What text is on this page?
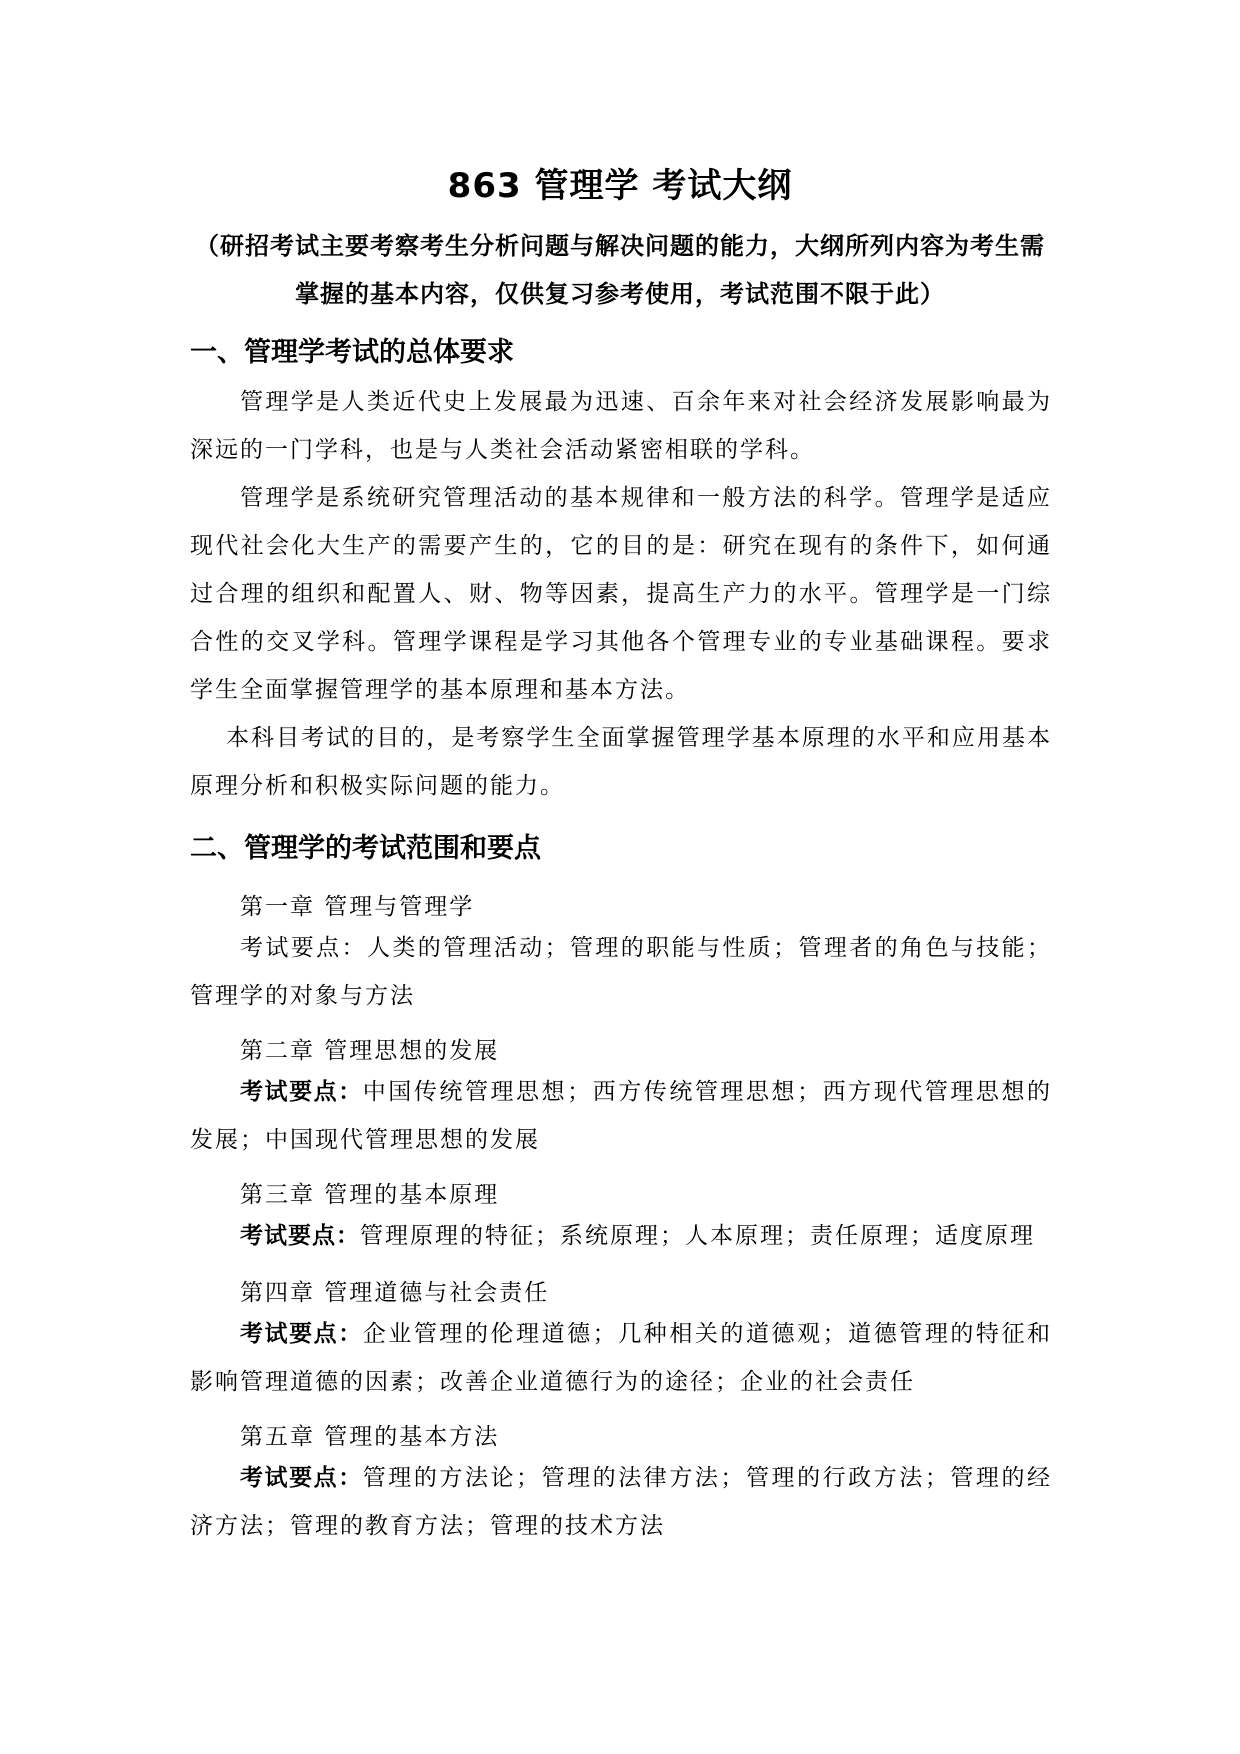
863 管理学 考试大纲
（研招考试主要考察考生分析问题与解决问题的能力，大纲所列内容为考生需
掌握的基本内容，仅供复习参考使用，考试范围不限于此）
一、管理学考试的总体要求
管理学是人类近代史上发展最为迅速、百余年来对社会经济发展影响最为深远的一门学科，也是与人类社会活动紧密相联的学科。
管理学是系统研究管理活动的基本规律和一般方法的科学。管理学是适应现代社会化大生产的需要产生的，它的目的是：研究在现有的条件下，如何通过合理的组织和配置人、财、物等因素，提高生产力的水平。管理学是一门综合性的交叉学科。管理学课程是学习其他各个管理专业的专业基础课程。要求学生全面掌握管理学的基本原理和基本方法。
本科目考试的目的，是考察学生全面掌握管理学基本原理的水平和应用基本原理分析和积极实际问题的能力。
二、管理学的考试范围和要点
第一章 管理与管理学
考试要点：人类的管理活动；管理的职能与性质；管理者的角色与技能；管理学的对象与方法
第二章 管理思想的发展
考试要点：中国传统管理思想；西方传统管理思想；西方现代管理思想的发展；中国现代管理思想的发展
第三章 管理的基本原理
考试要点：管理原理的特征；系统原理；人本原理；责任原理；适度原理
第四章 管理道德与社会责任
考试要点：企业管理的伦理道德；几种相关的道德观；道德管理的特征和影响管理道德的因素；改善企业道德行为的途径；企业的社会责任
第五章 管理的基本方法
考试要点：管理的方法论；管理的法律方法；管理的行政方法；管理的经济方法；管理的教育方法；管理的技术方法
